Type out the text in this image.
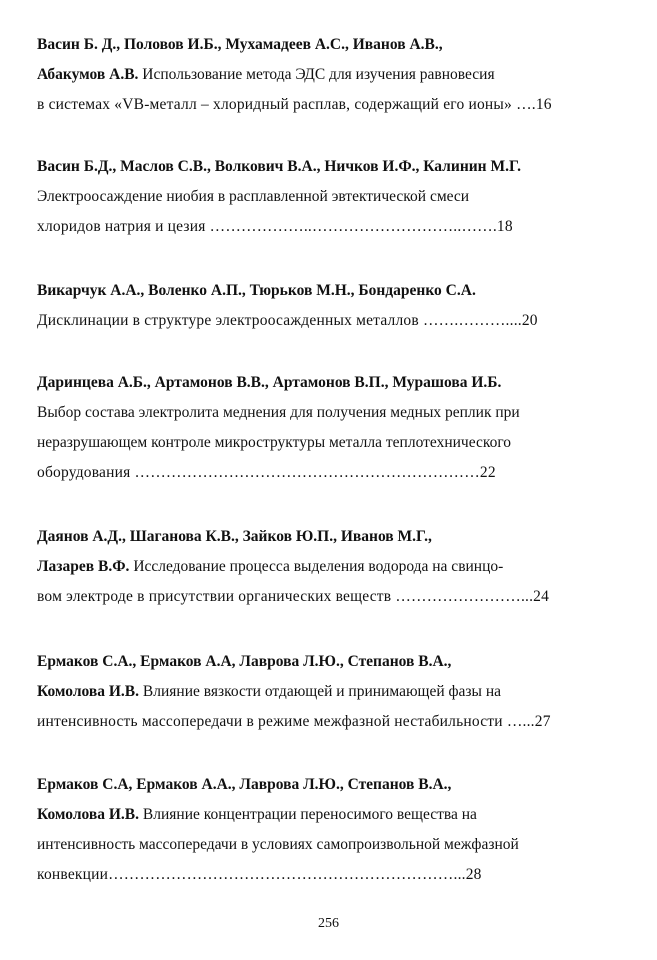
Васин Б. Д., Половов И.Б., Мухамадеев А.С., Иванов А.В.,
Абакумов А.В. Использование метода ЭДС для изучения равновесия
в системах «VB-металл – хлоридный расплав, содержащий его ионы» ….16
Васин Б.Д., Маслов С.В., Волкович В.А., Ничков И.Ф., Калинин М.Г.
Электроосаждение ниобия в расплавленной эвтектической смеси
хлоридов натрия и цезия ………………..………………………..…….18
Викарчук А.А., Воленко А.П., Тюрьков М.Н., Бондаренко С.А.
Дисклинации в структуре электроосажденных металлов …….………....20
Даринцева А.Б., Артамонов В.В., Артамонов В.П., Мурашова И.Б.
Выбор состава электролита меднения для получения медных реплик при
неразрушающем контроле микроструктуры металла теплотехнического
оборудования …………………………………………………………22
Даянов А.Д., Шаганова К.В., Зайков Ю.П., Иванов М.Г.,
Лазарев В.Ф. Исследование процесса выделения водорода на свинцо-
вом электроде в присутствии органических веществ ……………………...24
Ермаков С.А., Ермаков А.А, Лаврова Л.Ю., Степанов В.А.,
Комолова И.В. Влияние вязкости отдающей и принимающей фазы на
интенсивность массопередачи в режиме межфазной нестабильности …...27
Ермаков С.А, Ермаков А.А., Лаврова Л.Ю., Степанов В.А.,
Комолова И.В. Влияние концентрации переносимого вещества на
интенсивность массопередачи в условиях самопроизвольной межфазной
конвекции…………………………………………………………...28
256
